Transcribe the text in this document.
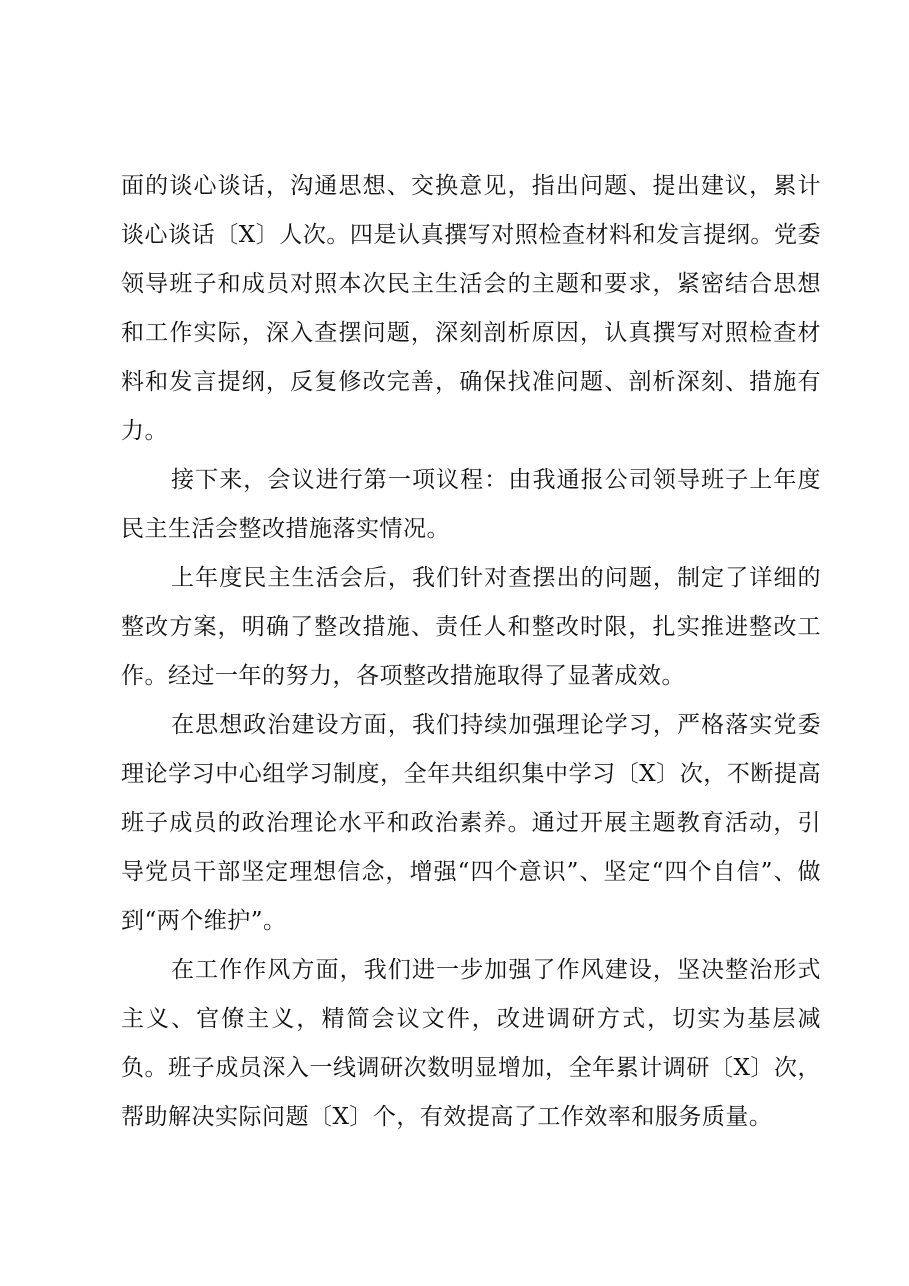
面的谈心谈话，沟通思想、交换意见，指出问题、提出建议，累计谈心谈话〔X〕人次。四是认真撰写对照检查材料和发言提纲。党委领导班子和成员对照本次民主生活会的主题和要求，紧密结合思想和工作实际，深入查摆问题，深刻剖析原因，认真撰写对照检查材料和发言提纲，反复修改完善，确保找准问题、剖析深刻、措施有力。

接下来，会议进行第一项议程：由我通报公司领导班子上年度民主生活会整改措施落实情况。

上年度民主生活会后，我们针对查摆出的问题，制定了详细的整改方案，明确了整改措施、责任人和整改时限，扎实推进整改工作。经过一年的努力，各项整改措施取得了显著成效。

在思想政治建设方面，我们持续加强理论学习，严格落实党委理论学习中心组学习制度，全年共组织集中学习〔X〕次，不断提高班子成员的政治理论水平和政治素养。通过开展主题教育活动，引导党员干部坚定理想信念，增强“四个意识”、坚定“四个自信”、做到“两个维护”。

在工作作风方面，我们进一步加强了作风建设，坚决整治形式主义、官僚主义，精简会议文件，改进调研方式，切实为基层减负。班子成员深入一线调研次数明显增加，全年累计调研〔X〕次，帮助解决实际问题〔X〕个，有效提高了工作效率和服务质量。
